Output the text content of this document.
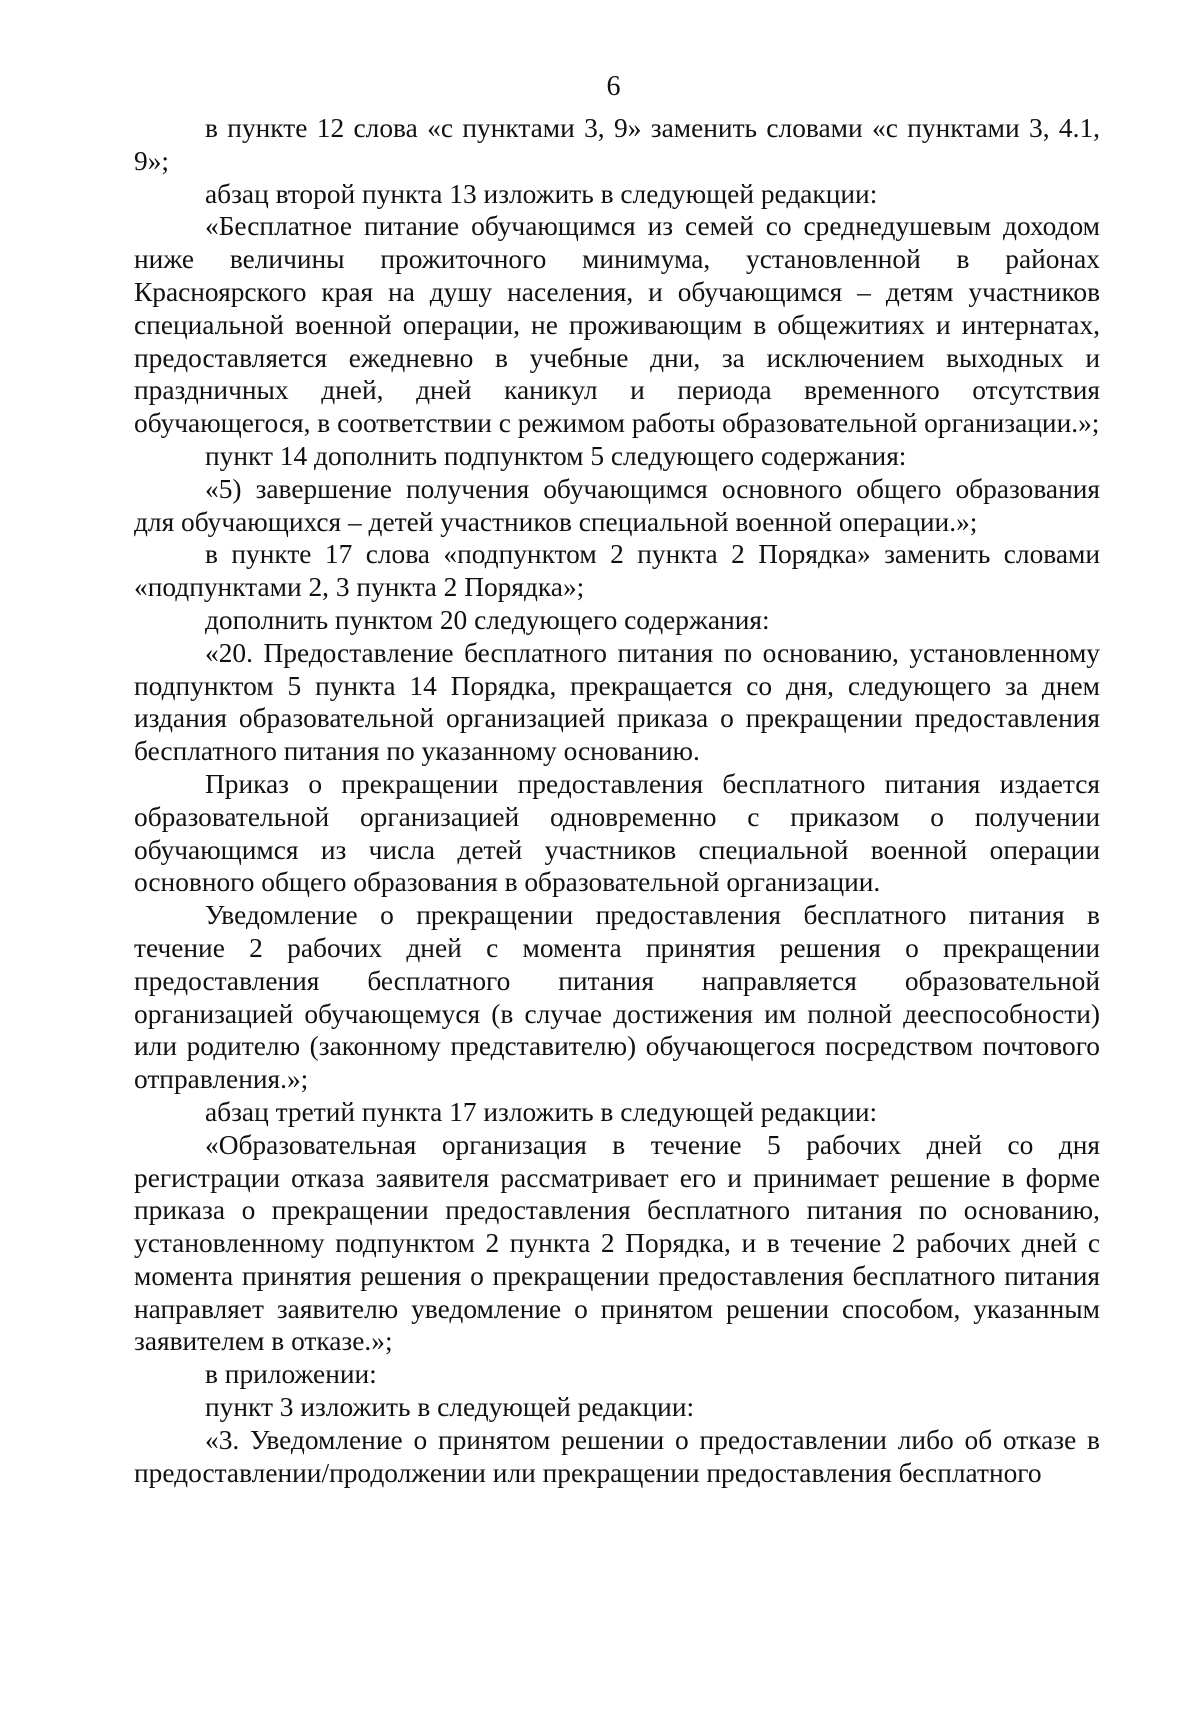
6

в пункте 12 слова «с пунктами 3, 9» заменить словами «с пунктами 3, 4.1, 9»;

абзац второй пункта 13 изложить в следующей редакции:

«Бесплатное питание обучающимся из семей со среднедушевым доходом ниже величины прожиточного минимума, установленной в районах Красноярского края на душу населения, и обучающимся – детям участников специальной военной операции, не проживающим в общежитиях и интернатах, предоставляется ежедневно в учебные дни, за исключением выходных и праздничных дней, дней каникул и периода временного отсутствия обучающегося, в соответствии с режимом работы образовательной организации.»;

пункт 14 дополнить подпунктом 5 следующего содержания:

«5) завершение получения обучающимся основного общего образования для обучающихся – детей участников специальной военной операции.»;

в пункте 17 слова «подпунктом 2 пункта 2 Порядка» заменить словами «подпунктами 2, 3 пункта 2 Порядка»;

дополнить пунктом 20 следующего содержания:

«20. Предоставление бесплатного питания по основанию, установленному подпунктом 5 пункта 14 Порядка, прекращается со дня, следующего за днем издания образовательной организацией приказа о прекращении предоставления бесплатного питания по указанному основанию.

Приказ о прекращении предоставления бесплатного питания издается образовательной организацией одновременно с приказом о получении обучающимся из числа детей участников специальной военной операции основного общего образования в образовательной организации.

Уведомление о прекращении предоставления бесплатного питания в течение 2 рабочих дней с момента принятия решения о прекращении предоставления бесплатного питания направляется образовательной организацией обучающемуся (в случае достижения им полной дееспособности) или родителю (законному представителю) обучающегося посредством почтового отправления.»;

абзац третий пункта 17 изложить в следующей редакции:

«Образовательная организация в течение 5 рабочих дней со дня регистрации отказа заявителя рассматривает его и принимает решение в форме приказа о прекращении предоставления бесплатного питания по основанию, установленному подпунктом 2 пункта 2 Порядка, и в течение 2 рабочих дней с момента принятия решения о прекращении предоставления бесплатного питания направляет заявителю уведомление о принятом решении способом, указанным заявителем в отказе.»;

в приложении:

пункт 3 изложить в следующей редакции:

«3. Уведомление о принятом решении о предоставлении либо об отказе в предоставлении/продолжении или прекращении предоставления бесплатного
